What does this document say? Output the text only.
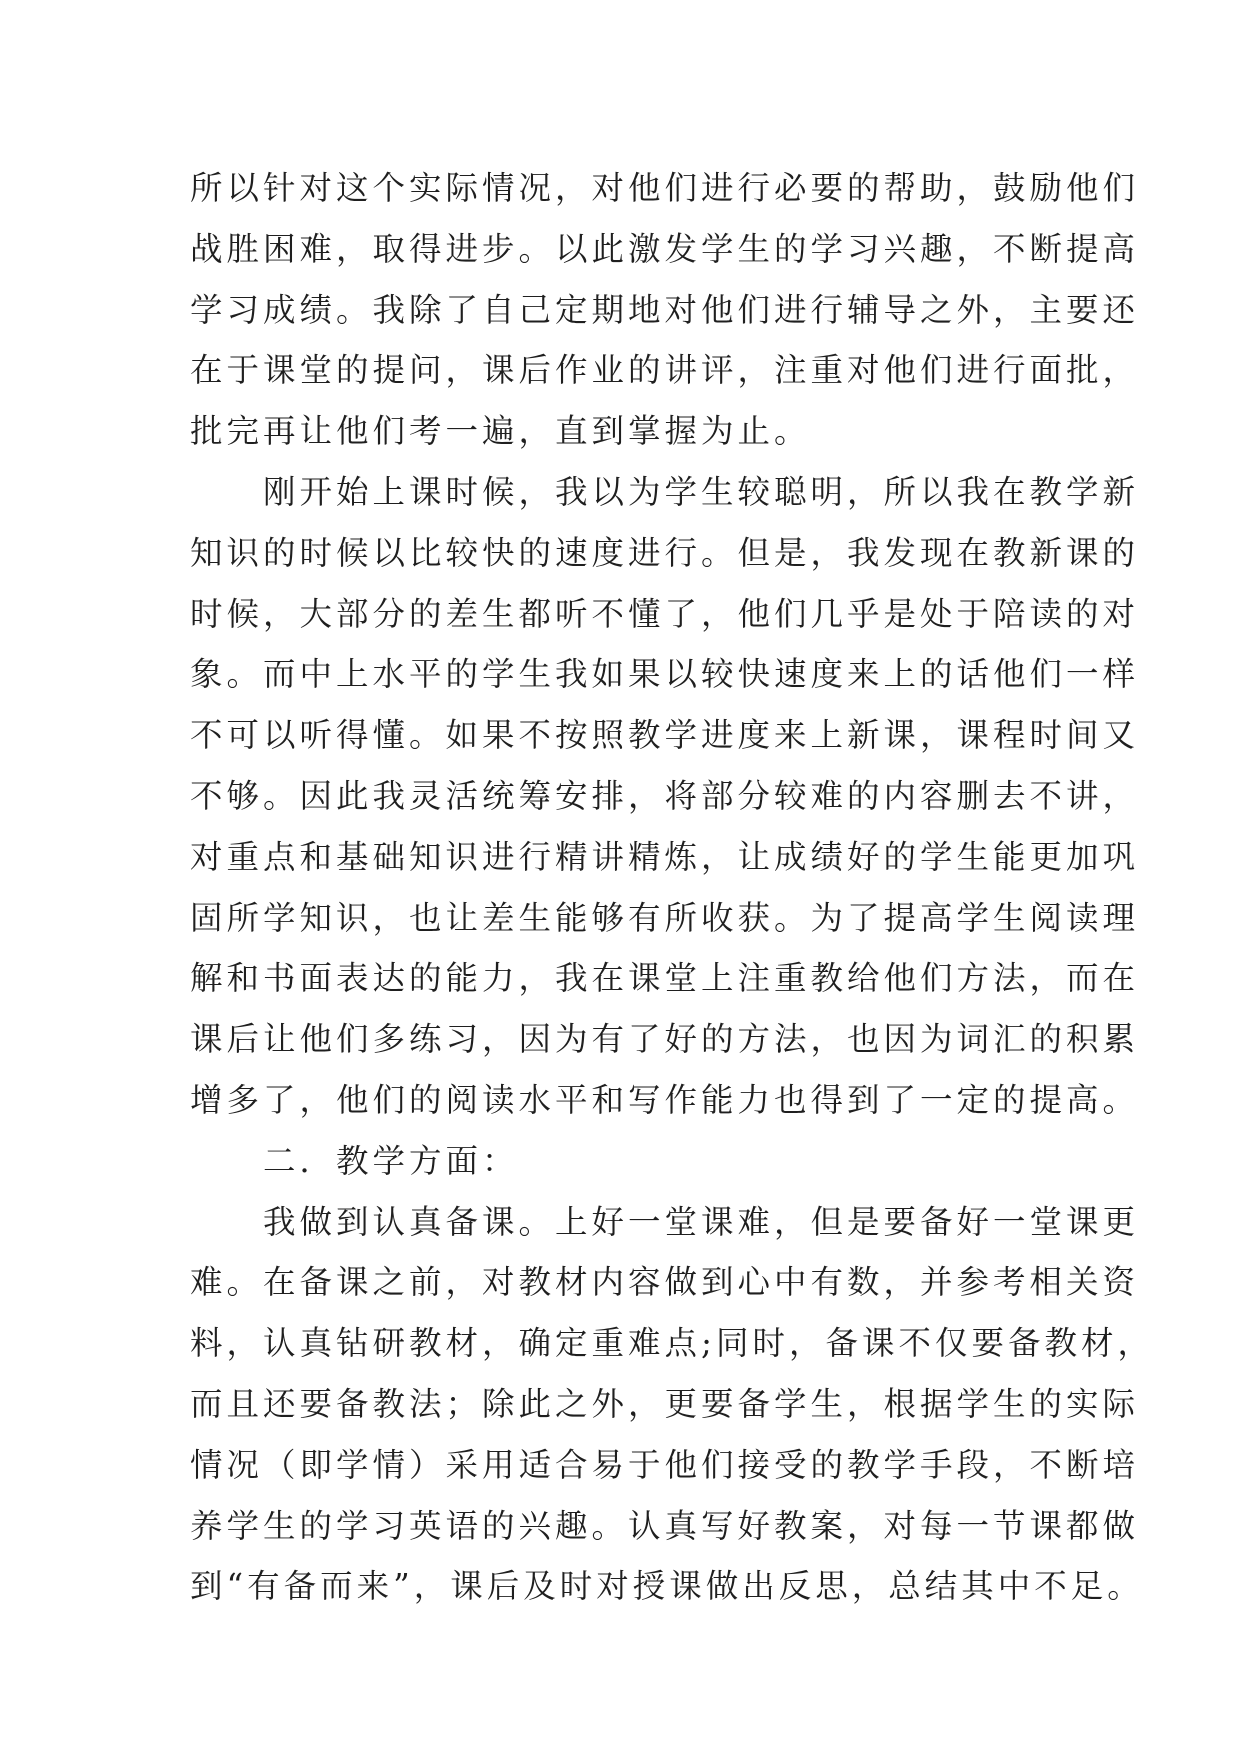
所以针对这个实际情况，对他们进行必要的帮助，鼓励他们
战胜困难，取得进步。以此激发学生的学习兴趣，不断提高
学习成绩。我除了自己定期地对他们进行辅导之外，主要还
在于课堂的提问，课后作业的讲评，注重对他们进行面批，
批完再让他们考一遍，直到掌握为止。
　　刚开始上课时候，我以为学生较聪明，所以我在教学新
知识的时候以比较快的速度进行。但是，我发现在教新课的
时候，大部分的差生都听不懂了，他们几乎是处于陪读的对
象。而中上水平的学生我如果以较快速度来上的话他们一样
不可以听得懂。如果不按照教学进度来上新课，课程时间又
不够。因此我灵活统筹安排，将部分较难的内容删去不讲，
对重点和基础知识进行精讲精炼，让成绩好的学生能更加巩
固所学知识，也让差生能够有所收获。为了提高学生阅读理
解和书面表达的能力，我在课堂上注重教给他们方法，而在
课后让他们多练习，因为有了好的方法，也因为词汇的积累
增多了，他们的阅读水平和写作能力也得到了一定的提高。
　　二．教学方面：
　　我做到认真备课。上好一堂课难，但是要备好一堂课更
难。在备课之前，对教材内容做到心中有数，并参考相关资
料，认真钻研教材，确定重难点;同时，备课不仅要备教材，
而且还要备教法；除此之外，更要备学生，根据学生的实际
情况（即学情）采用适合易于他们接受的教学手段，不断培
养学生的学习英语的兴趣。认真写好教案，对每一节课都做
到“有备而来”，课后及时对授课做出反思，总结其中不足。
